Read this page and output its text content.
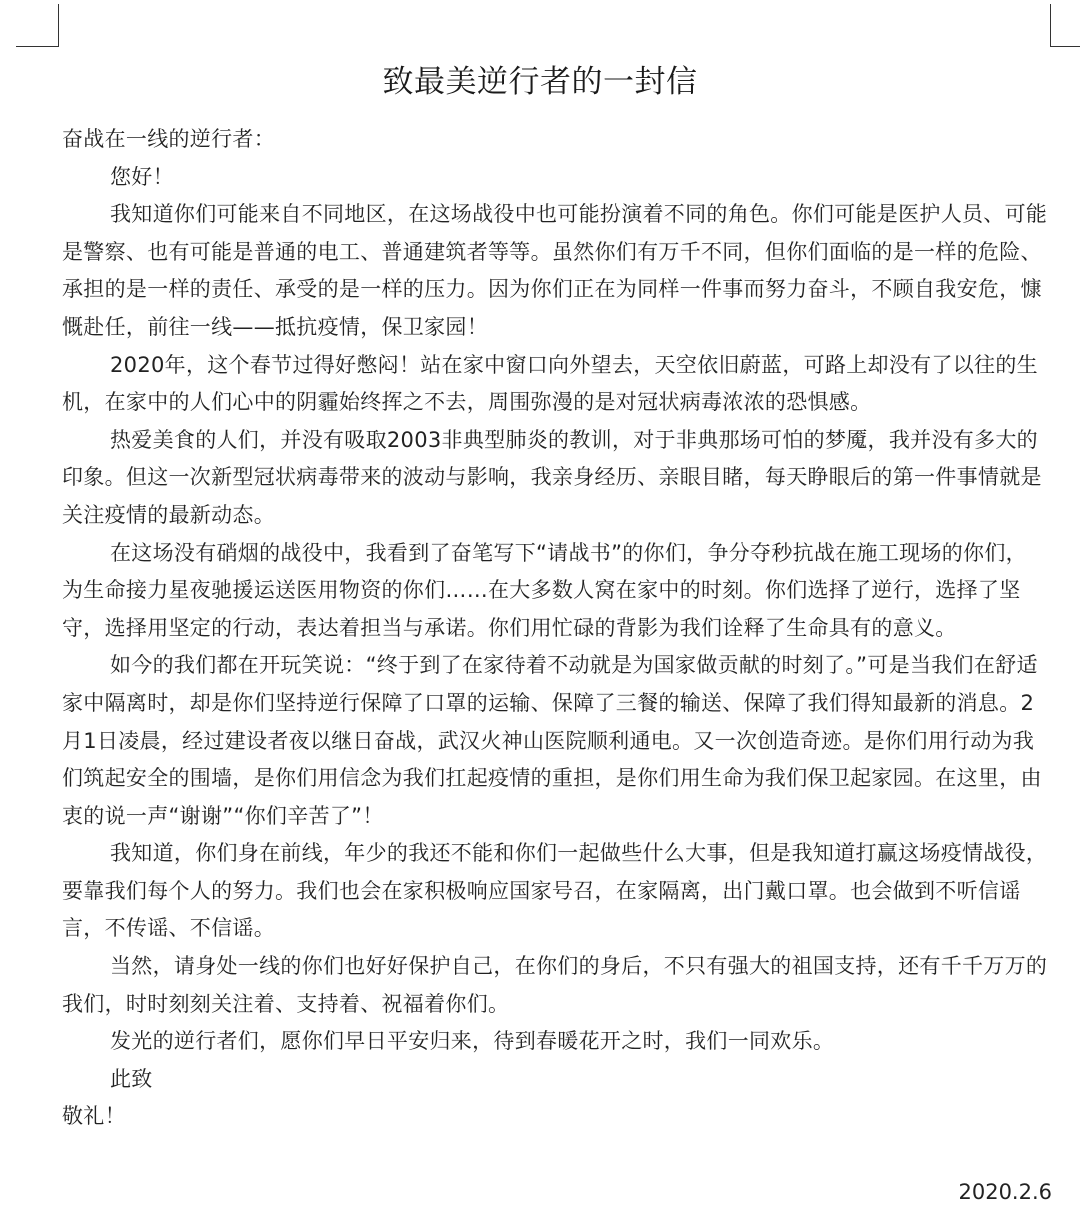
致最美逆行者的一封信

奋战在一线的逆行者：

您好！

我知道你们可能来自不同地区，在这场战役中也可能扮演着不同的角色。你们可能是医护人员、可能是警察、也有可能是普通的电工、普通建筑者等等。虽然你们有万千不同，但你们面临的是一样的危险、承担的是一样的责任、承受的是一样的压力。因为你们正在为同样一件事而努力奋斗，不顾自我安危，慷慨赴任，前往一线——抵抗疫情，保卫家园！

2020年，这个春节过得好憋闷！站在家中窗口向外望去，天空依旧蔚蓝，可路上却没有了以往的生机，在家中的人们心中的阴霾始终挥之不去，周围弥漫的是对冠状病毒浓浓的恐惧感。

热爱美食的人们，并没有吸取2003非典型肺炎的教训，对于非典那场可怕的梦魇，我并没有多大的印象。但这一次新型冠状病毒带来的波动与影响，我亲身经历、亲眼目睹，每天睁眼后的第一件事情就是关注疫情的最新动态。

在这场没有硝烟的战役中，我看到了奋笔写下“请战书”的你们，争分夺秒抗战在施工现场的你们，为生命接力星夜驰援运送医用物资的你们……在大多数人窝在家中的时刻。你们选择了逆行，选择了坚守，选择用坚定的行动，表达着担当与承诺。你们用忙碌的背影为我们诠释了生命具有的意义。

如今的我们都在开玩笑说：“终于到了在家待着不动就是为国家做贡献的时刻了。”可是当我们在舒适家中隔离时，却是你们坚持逆行保障了口罩的运输、保障了三餐的输送、保障了我们得知最新的消息。2月1日凌晨，经过建设者夜以继日奋战，武汉火神山医院顺利通电。又一次创造奇迹。是你们用行动为我们筑起安全的围墙，是你们用信念为我们扛起疫情的重担，是你们用生命为我们保卫起家园。在这里，由衷的说一声“谢谢”“你们辛苦了”！

我知道，你们身在前线，年少的我还不能和你们一起做些什么大事，但是我知道打赢这场疫情战役，要靠我们每个人的努力。我们也会在家积极响应国家号召，在家隔离，出门戴口罩。也会做到不听信谣言，不传谣、不信谣。

当然，请身处一线的你们也好好保护自己，在你们的身后，不只有强大的祖国支持，还有千千万万的我们，时时刻刻关注着、支持着、祝福着你们。

发光的逆行者们，愿你们早日平安归来，待到春暖花开之时，我们一同欢乐。

此致

敬礼！

2020.2.6
